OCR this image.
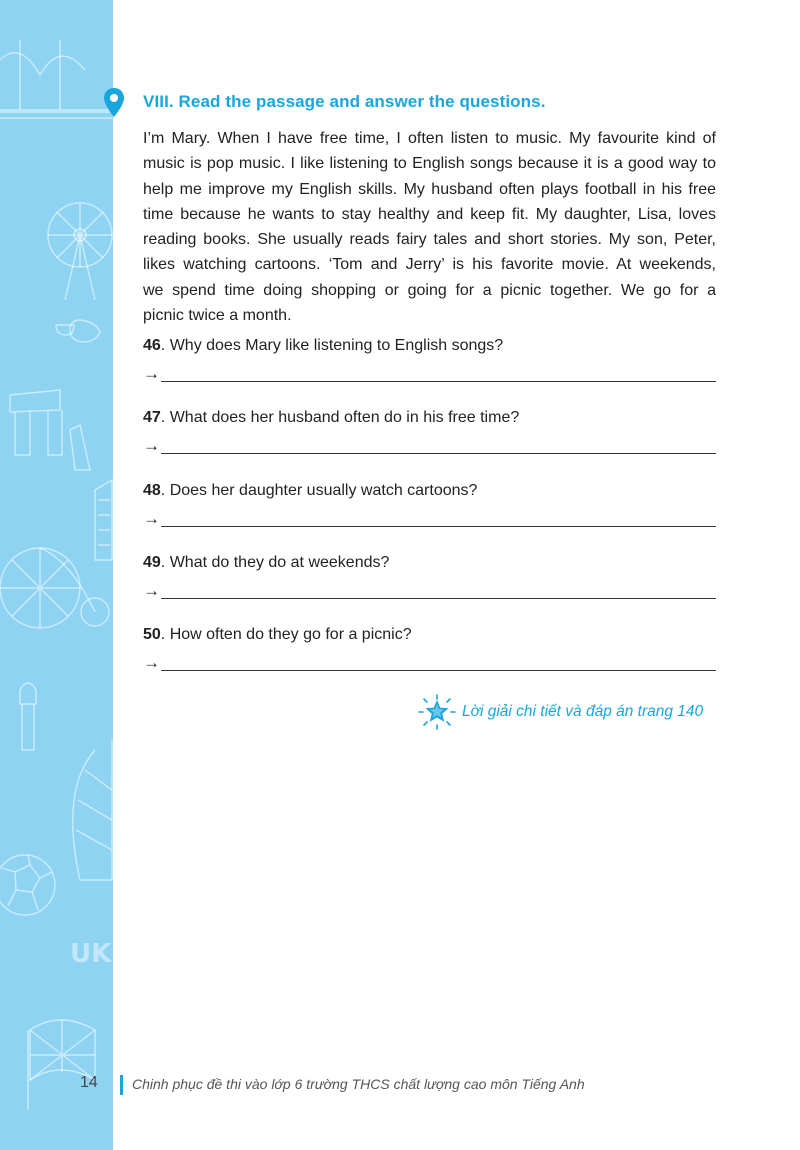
UK
VIII. Read the passage and answer the questions.
I’m Mary. When I have free time, I often listen to music. My favourite kind of
music is pop music. I like listening to English songs because it is a good way to
help me improve my English skills. My husband often plays football in his free
time because he wants to stay healthy and keep fit. My daughter, Lisa, loves
reading books. She usually reads fairy tales and short stories. My son, Peter,
likes watching cartoons. ‘Tom and Jerry’ is his favorite movie. At weekends,
we spend time doing shopping or going for a picnic together. We go for a
picnic twice a month.
46. Why does Mary like listening to English songs?
→
47. What does her husband often do in his free time?
→
48. Does her daughter usually watch cartoons?
→
49. What do they do at weekends?
→
50. How often do they go for a picnic?
→
Lời giải chi tiết và đáp án trang 140
14 Chinh phục đề thi vào lớp 6 trường THCS chất lượng cao môn Tiếng Anh
